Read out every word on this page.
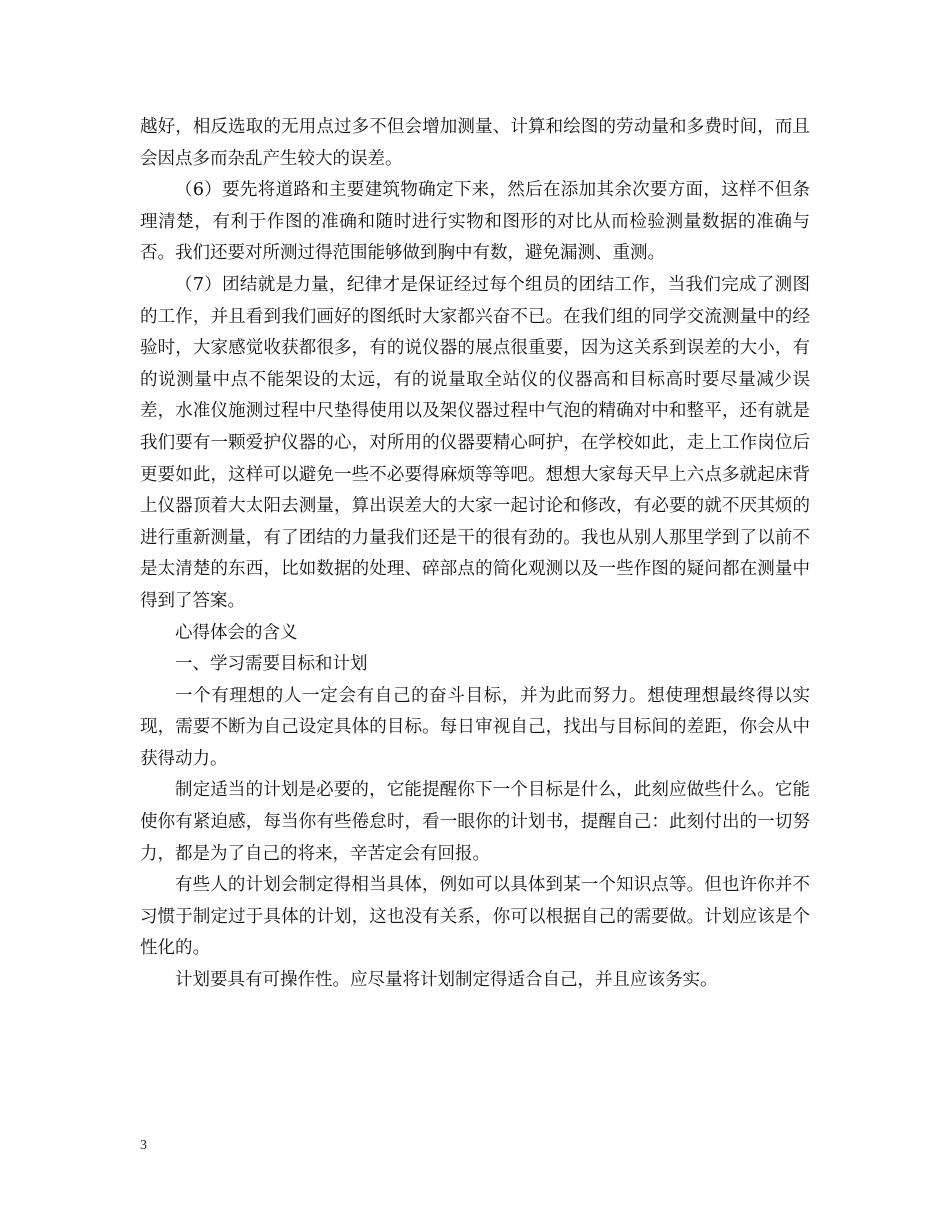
越好，相反选取的无用点过多不但会增加测量、计算和绘图的劳动量和多费时间，而且会因点多而杂乱产生较大的误差。

（6）要先将道路和主要建筑物确定下来，然后在添加其余次要方面，这样不但条理清楚，有利于作图的准确和随时进行实物和图形的对比从而检验测量数据的准确与否。我们还要对所测过得范围能够做到胸中有数，避免漏测、重测。

（7）团结就是力量，纪律才是保证经过每个组员的团结工作，当我们完成了测图的工作，并且看到我们画好的图纸时大家都兴奋不已。在我们组的同学交流测量中的经验时，大家感觉收获都很多，有的说仪器的展点很重要，因为这关系到误差的大小，有的说测量中点不能架设的太远，有的说量取全站仪的仪器高和目标高时要尽量减少误差，水准仪施测过程中尺垫得使用以及架仪器过程中气泡的精确对中和整平，还有就是我们要有一颗爱护仪器的心，对所用的仪器要精心呵护，在学校如此，走上工作岗位后更要如此，这样可以避免一些不必要得麻烦等等吧。想想大家每天早上六点多就起床背上仪器顶着大太阳去测量，算出误差大的大家一起讨论和修改，有必要的就不厌其烦的进行重新测量，有了团结的力量我们还是干的很有劲的。我也从别人那里学到了以前不是太清楚的东西，比如数据的处理、碎部点的简化观测以及一些作图的疑问都在测量中得到了答案。

心得体会的含义

一、学习需要目标和计划

一个有理想的人一定会有自己的奋斗目标，并为此而努力。想使理想最终得以实现，需要不断为自己设定具体的目标。每日审视自己，找出与目标间的差距，你会从中获得动力。

制定适当的计划是必要的，它能提醒你下一个目标是什么，此刻应做些什么。它能使你有紧迫感，每当你有些倦怠时，看一眼你的计划书，提醒自己：此刻付出的一切努力，都是为了自己的将来，辛苦定会有回报。

有些人的计划会制定得相当具体，例如可以具体到某一个知识点等。但也许你并不习惯于制定过于具体的计划，这也没有关系，你可以根据自己的需要做。计划应该是个性化的。

计划要具有可操作性。应尽量将计划制定得适合自己，并且应该务实。

3
